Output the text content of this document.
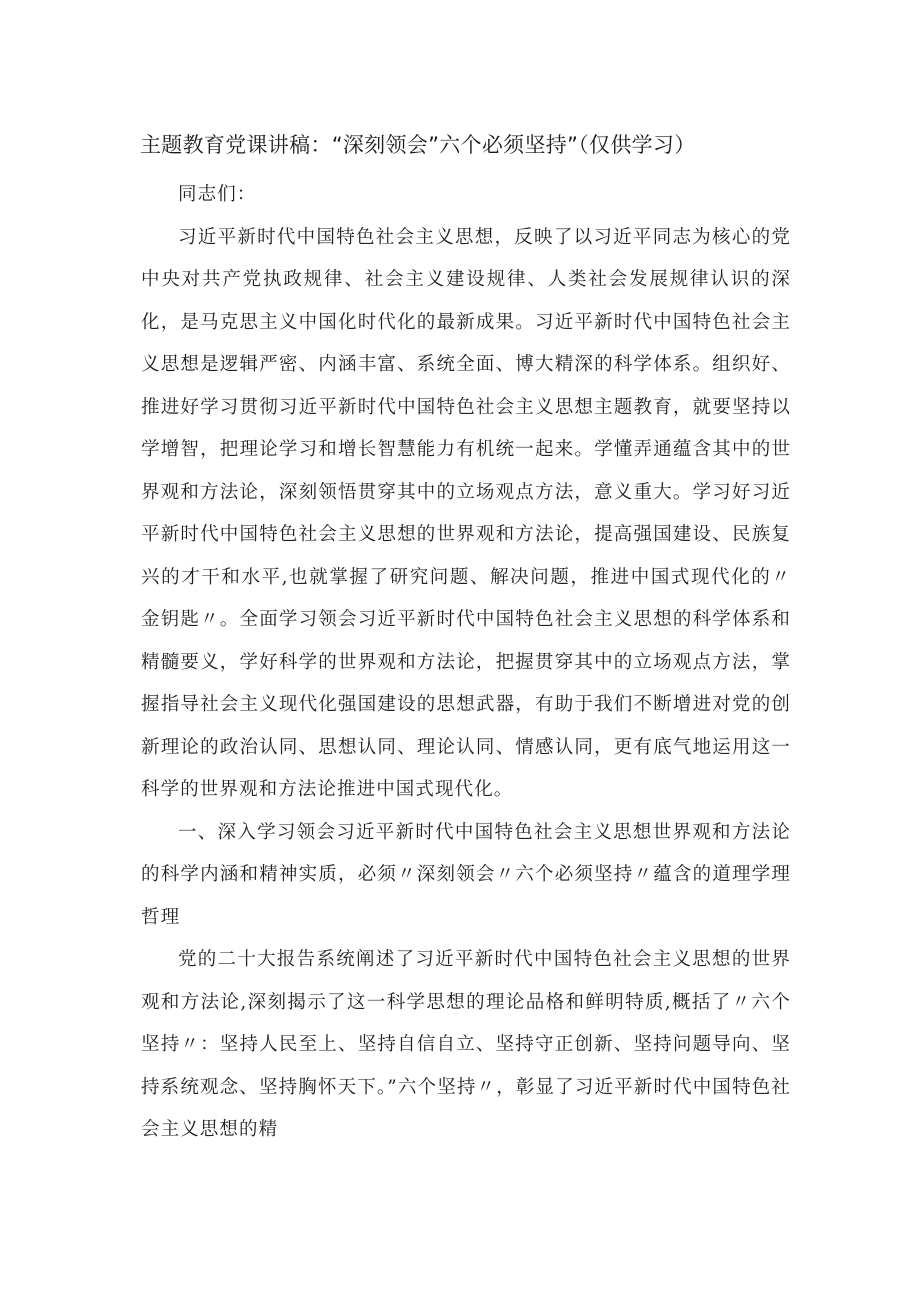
主题教育党课讲稿：“深刻领会”六个必须坚持”（仅供学习）

同志们：

习近平新时代中国特色社会主义思想，反映了以习近平同志为核心的党中央对共产党执政规律、社会主义建设规律、人类社会发展规律认识的深化，是马克思主义中国化时代化的最新成果。习近平新时代中国特色社会主义思想是逻辑严密、内涵丰富、系统全面、博大精深的科学体系。组织好、推进好学习贯彻习近平新时代中国特色社会主义思想主题教育，就要坚持以学增智，把理论学习和增长智慧能力有机统一起来。学懂弄通蕴含其中的世界观和方法论，深刻领悟贯穿其中的立场观点方法，意义重大。学习好习近平新时代中国特色社会主义思想的世界观和方法论，提高强国建设、民族复兴的才干和水平,也就掌握了研究问题、解决问题，推进中国式现代化的〃金钥匙〃。全面学习领会习近平新时代中国特色社会主义思想的科学体系和精髓要义，学好科学的世界观和方法论，把握贯穿其中的立场观点方法，掌握指导社会主义现代化强国建设的思想武器，有助于我们不断增进对党的创新理论的政治认同、思想认同、理论认同、情感认同，更有底气地运用这一科学的世界观和方法论推进中国式现代化。

一、深入学习领会习近平新时代中国特色社会主义思想世界观和方法论的科学内涵和精神实质，必须〃深刻领会〃六个必须坚持〃蕴含的道理学理哲理

党的二十大报告系统阐述了习近平新时代中国特色社会主义思想的世界观和方法论,深刻揭示了这一科学思想的理论品格和鲜明特质,概括了〃六个坚持〃：坚持人民至上、坚持自信自立、坚持守正创新、坚持问题导向、坚持系统观念、坚持胸怀天下。”六个坚持〃，彰显了习近平新时代中国特色社会主义思想的精
